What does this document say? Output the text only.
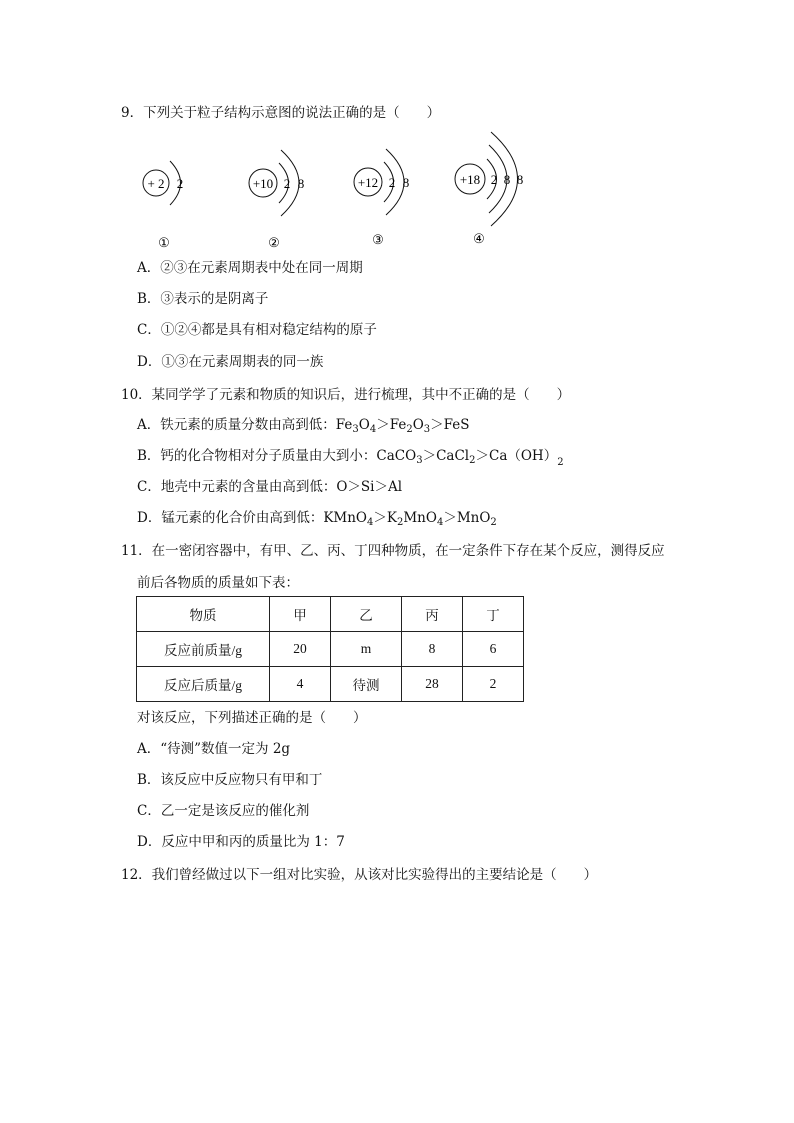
9．下列关于粒子结构示意图的说法正确的是（　　）
+ 2 2
①
+10 2 8
②
+12 2 8
③
+18 2 8 8
④
A．②③在元素周期表中处在同一周期
B．③表示的是阴离子
C．①②④都是具有相对稳定结构的原子
D．①③在元素周期表的同一族
10．某同学学了元素和物质的知识后，进行梳理，其中不正确的是（　　）
A．铁元素的质量分数由高到低：$Fe_3O_4>Fe_2O_3>FeS$
B．钙的化合物相对分子质量由大到小：$CaCO_3>CaCl_2>Ca(OH)_2$
C．地壳中元素的含量由高到低：O＞Si＞Al
D．锰元素的化合价由高到低：$KMnO_4>K_2MnO_4>MnO_2$
11．在一密闭容器中，有甲、乙、丙、丁四种物质，在一定条件下存在某个反应，测得反应
前后各物质的质量如下表：
物质	甲	乙	丙	丁
反应前质量/g	20	m	8	6
反应后质量/g	4	待测	28	2
对该反应，下列描述正确的是（　　）
A．“待测”数值一定为 2g
B．该反应中反应物只有甲和丁
C．乙一定是该反应的催化剂
D．反应中甲和丙的质量比为 1：7
12．我们曾经做过以下一组对比实验，从该对比实验得出的主要结论是（　　）
